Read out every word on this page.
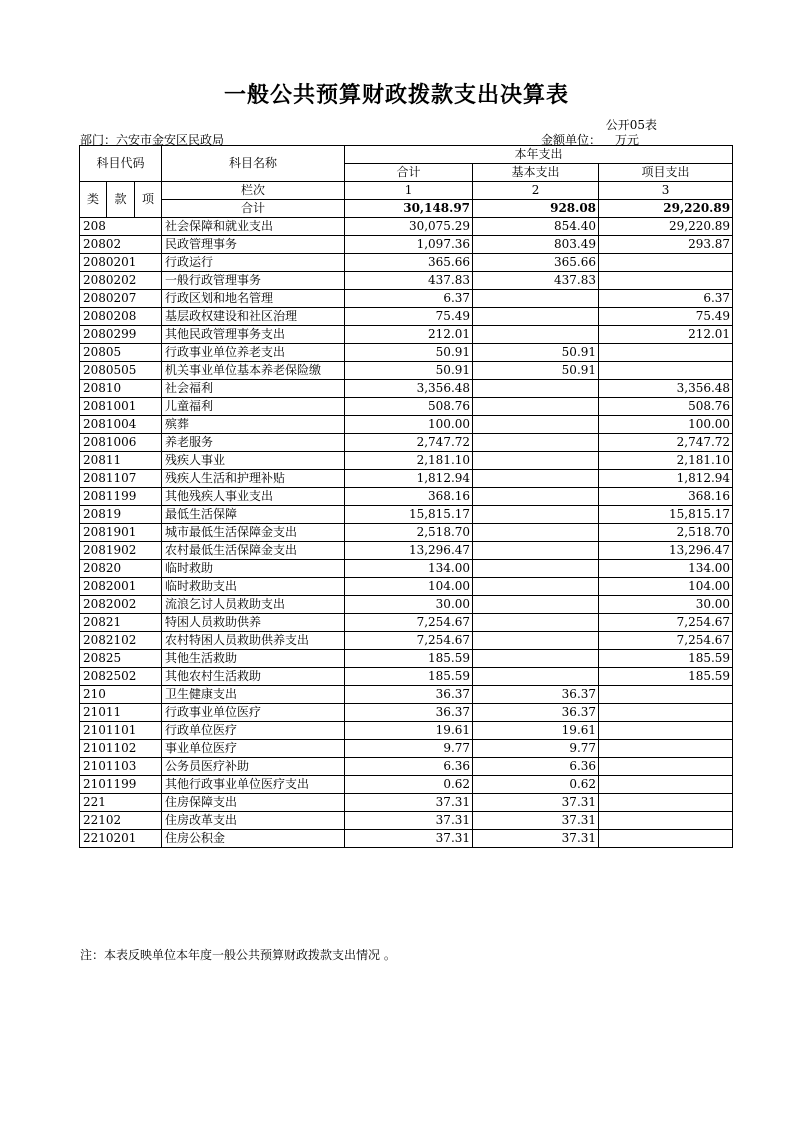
一般公共预算财政拨款支出决算表
公开05表
部门：六安市金安区民政局	金额单位： 万元
科目代码			科目名称	本年支出		
				合计	基本支出	项目支出
类	款	项	栏次	1	2	3
			合计	30,148.97	928.08	29,220.89
208			社会保障和就业支出	30,075.29	854.40	29,220.89
20802			民政管理事务	1,097.36	803.49	293.87
2080201			行政运行	365.66	365.66	
2080202			一般行政管理事务	437.83	437.83	
2080207			行政区划和地名管理	6.37		6.37
2080208			基层政权建设和社区治理	75.49		75.49
2080299			其他民政管理事务支出	212.01		212.01
20805			行政事业单位养老支出	50.91	50.91	
2080505			机关事业单位基本养老保险缴	50.91	50.91	
20810			社会福利	3,356.48		3,356.48
2081001			儿童福利	508.76		508.76
2081004			殡葬	100.00		100.00
2081006			养老服务	2,747.72		2,747.72
20811			残疾人事业	2,181.10		2,181.10
2081107			残疾人生活和护理补贴	1,812.94		1,812.94
2081199			其他残疾人事业支出	368.16		368.16
20819			最低生活保障	15,815.17		15,815.17
2081901			城市最低生活保障金支出	2,518.70		2,518.70
2081902			农村最低生活保障金支出	13,296.47		13,296.47
20820			临时救助	134.00		134.00
2082001			临时救助支出	104.00		104.00
2082002			流浪乞讨人员救助支出	30.00		30.00
20821			特困人员救助供养	7,254.67		7,254.67
2082102			农村特困人员救助供养支出	7,254.67		7,254.67
20825			其他生活救助	185.59		185.59
2082502			其他农村生活救助	185.59		185.59
210			卫生健康支出	36.37	36.37	
21011			行政事业单位医疗	36.37	36.37	
2101101			行政单位医疗	19.61	19.61	
2101102			事业单位医疗	9.77	9.77	
2101103			公务员医疗补助	6.36	6.36	
2101199			其他行政事业单位医疗支出	0.62	0.62	
221			住房保障支出	37.31	37.31	
22102			住房改革支出	37.31	37.31	
2210201			住房公积金	37.31	37.31	
注：本表反映单位本年度一般公共预算财政拨款支出情况 。
